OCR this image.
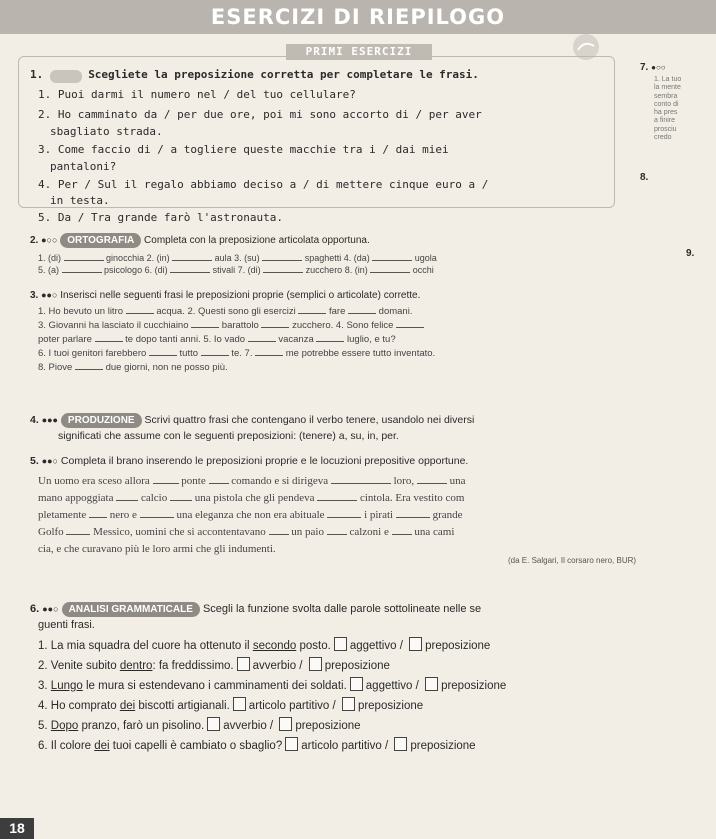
ESERCIZI DI RIEPILOGO
PRIMI ESERCIZI
1.	Scegliete la preposizione corretta per completare le frasi.
1. Puoi darmi il numero nel / del tuo cellulare?
2. Ho camminato da / per due ore, poi mi sono accorto di / per aver
sbagliato strada.
3. Come faccio di / a togliere queste macchie tra i / dai miei
pantaloni?
4. Per / Sul il regalo abbiamo deciso a / di mettere cinque euro a /
in testa.
5. Da / Tra grande farò l'astronauta.
7. ●○○
1. La tuo
la mente
sembra
conto di
ha pres
a finire
prosciu
credo
8.
9.
2. ●○○ ORTOGRAFIA Completa con la preposizione articolata opportuna.
1. (di)	ginocchia 2. (in)	aula 3. (su)	spaghetti 4. (da)	ugola
5. (a)	psicologo 6. (di)	stivali 7. (di)	zucchero 8. (in)	occhi
3. ●●○ Inserisci nelle seguenti frasi le preposizioni proprie (semplici o articolate) corrette.
1. Ho bevuto un litro	acqua. 2. Questi sono gli esercizi	fare	domani.
3. Giovanni ha lasciato il cucchiaino	barattolo	zucchero. 4. Sono felice
poter parlare	te dopo tanti anni. 5. Io vado	vacanza	luglio, e tu?
6. I tuoi genitori farebbero	tutto	te. 7.	me potrebbe essere tutto inventato.
8. Piove	due giorni, non ne posso più.
4. ●●● PRODUZIONE Scrivi quattro frasi che contengano il verbo tenere, usandolo nei diversi
significati che assume con le seguenti preposizioni: (tenere) a, su, in, per.
5. ●●○ Completa il brano inserendo le preposizioni proprie e le locuzioni prepositive opportune.
Un uomo era sceso allora	ponte comando e si dirigeva	loro,	una
mano appoggiata	calcio	una pistola che gli pendeva	cintola. Era vestito com
pletamente nero e	una eleganza che non era abituale	i pirati	grande
Golfo	Messico, uomini che si accontentavano un paio calzoni e una cami
cia, e che curavano più le loro armi che gli indumenti.
(da E. Salgari, Il corsaro nero, BUR)
6. ●●○ ANALISI GRAMMATICALE Scegli la funzione svolta dalle parole sottolineate nelle se
guenti frasi.
1. La mia squadra del cuore ha ottenuto il secondo posto. aggettivo / preposizione
2. Venite subito dentro: fa freddissimo. avverbio / preposizione
3. Lungo le mura si estendevano i camminamenti dei soldati. aggettivo / preposizione
4. Ho comprato dei biscotti artigianali. articolo partitivo / preposizione
5. Dopo pranzo, farò un pisolino. avverbio / preposizione
6. Il colore dei tuoi capelli è cambiato o sbaglio? articolo partitivo / preposizione
18
